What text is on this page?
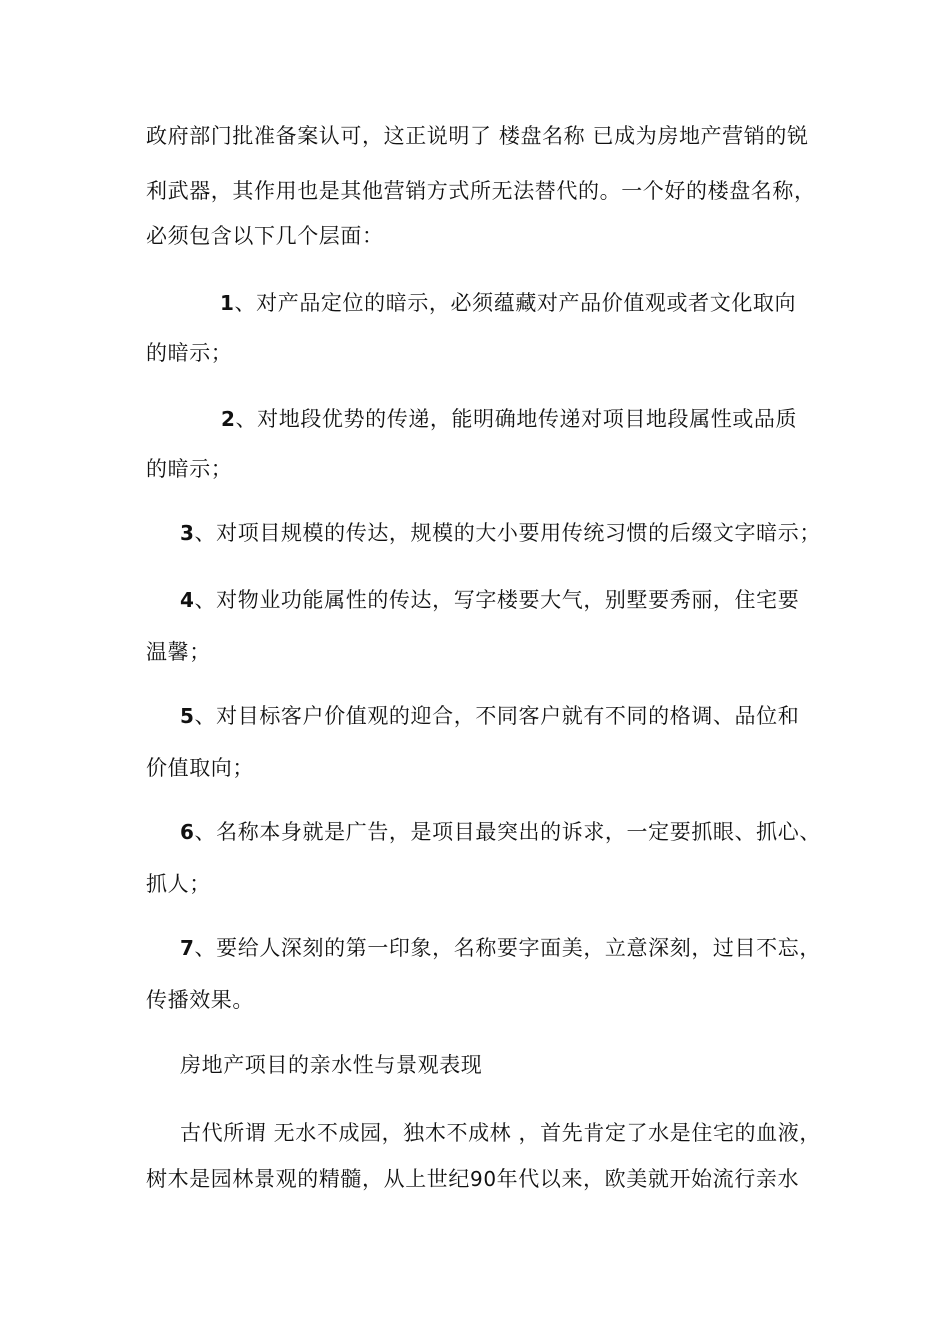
政府部门批准备案认可，这正说明了 楼盘名称 已成为房地产营销的锐
利武器，其作用也是其他营销方式所无法替代的。一个好的楼盘名称，
必须包含以下几个层面：
1、对产品定位的暗示，必须蕴藏对产品价值观或者文化取向
的暗示；
2、对地段优势的传递，能明确地传递对项目地段属性或品质
的暗示；
3、对项目规模的传达，规模的大小要用传统习惯的后缀文字暗示；
4、对物业功能属性的传达，写字楼要大气，别墅要秀丽，住宅要
温馨；
5、对目标客户价值观的迎合，不同客户就有不同的格调、品位和
价值取向；
6、名称本身就是广告，是项目最突出的诉求，一定要抓眼、抓心、
抓人；
7、要给人深刻的第一印象，名称要字面美，立意深刻，过目不忘，
传播效果。
房地产项目的亲水性与景观表现
古代所谓 无水不成园，独木不成林 ，首先肯定了水是住宅的血液，
树木是园林景观的精髓，从上世纪90年代以来，欧美就开始流行亲水
